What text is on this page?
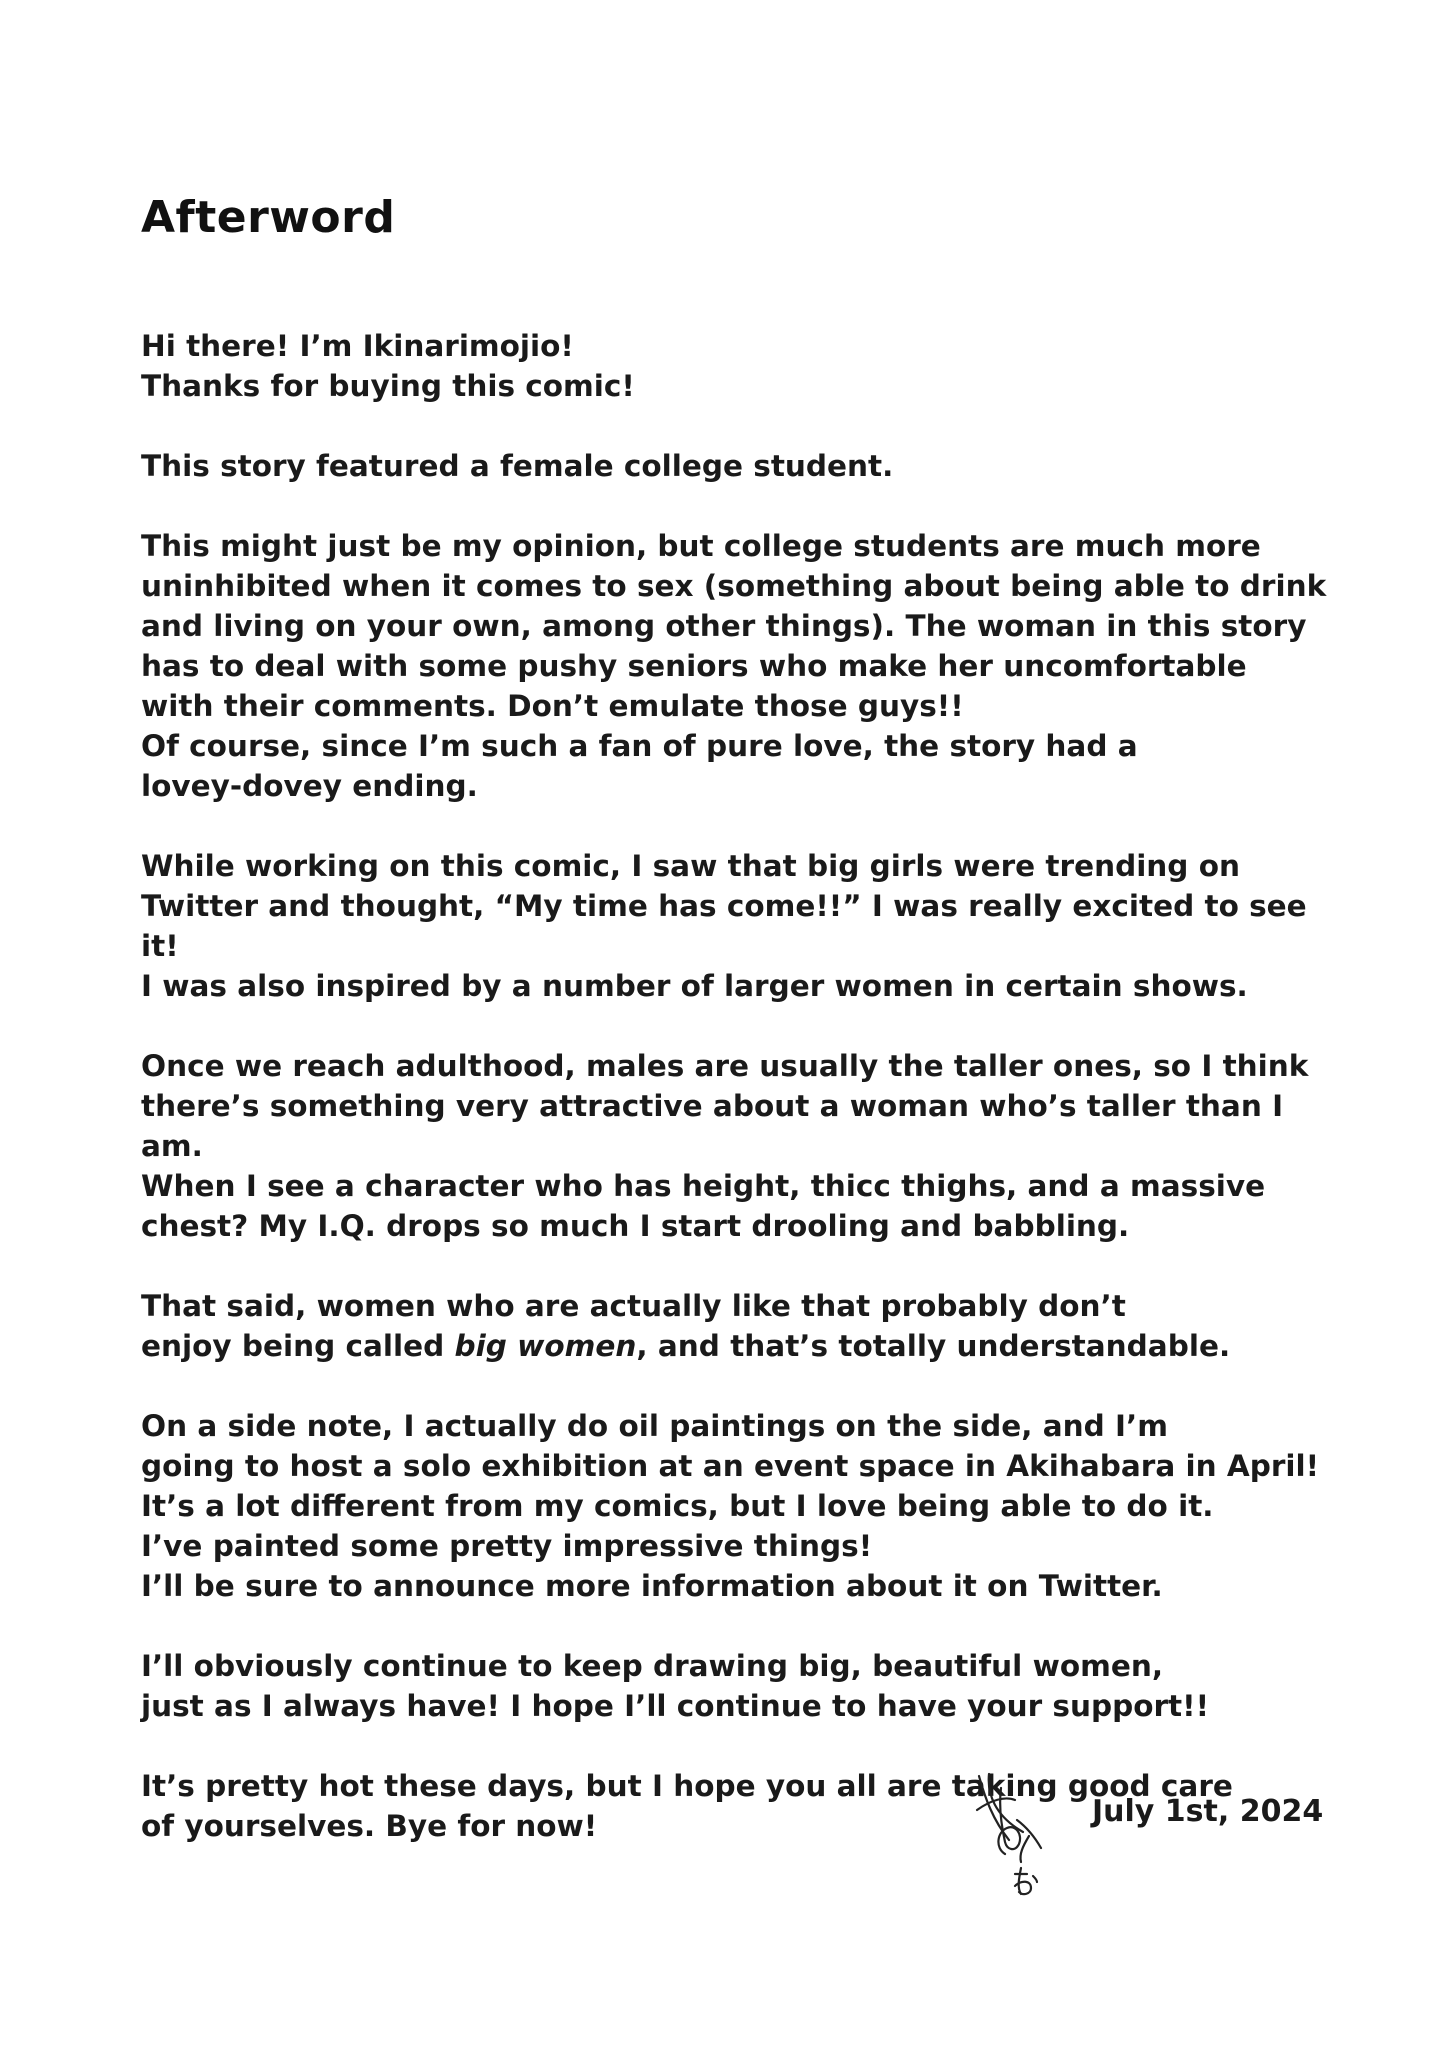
Afterword

Hi there! I’m Ikinarimojio!
Thanks for buying this comic!

This story featured a female college student.

This might just be my opinion, but college students are much more
uninhibited when it comes to sex (something about being able to drink
and living on your own, among other things). The woman in this story
has to deal with some pushy seniors who make her uncomfortable
with their comments. Don’t emulate those guys!!
Of course, since I’m such a fan of pure love, the story had a
lovey-dovey ending.

While working on this comic, I saw that big girls were trending on
Twitter and thought, “My time has come!!” I was really excited to see it!
I was also inspired by a number of larger women in certain shows.

Once we reach adulthood, males are usually the taller ones, so I think
there’s something very attractive about a woman who’s taller than I am.
When I see a character who has height, thicc thighs, and a massive
chest? My I.Q. drops so much I start drooling and babbling.

That said, women who are actually like that probably don’t
enjoy being called big women, and that’s totally understandable.

On a side note, I actually do oil paintings on the side, and I’m
going to host a solo exhibition at an event space in Akihabara in April!
It’s a lot different from my comics, but I love being able to do it.
I’ve painted some pretty impressive things!
I’ll be sure to announce more information about it on Twitter.

I’ll obviously continue to keep drawing big, beautiful women,
just as I always have! I hope I’ll continue to have your support!!

It’s pretty hot these days, but I hope you all are taking good care
of yourselves. Bye for now!	July 1st, 2024
